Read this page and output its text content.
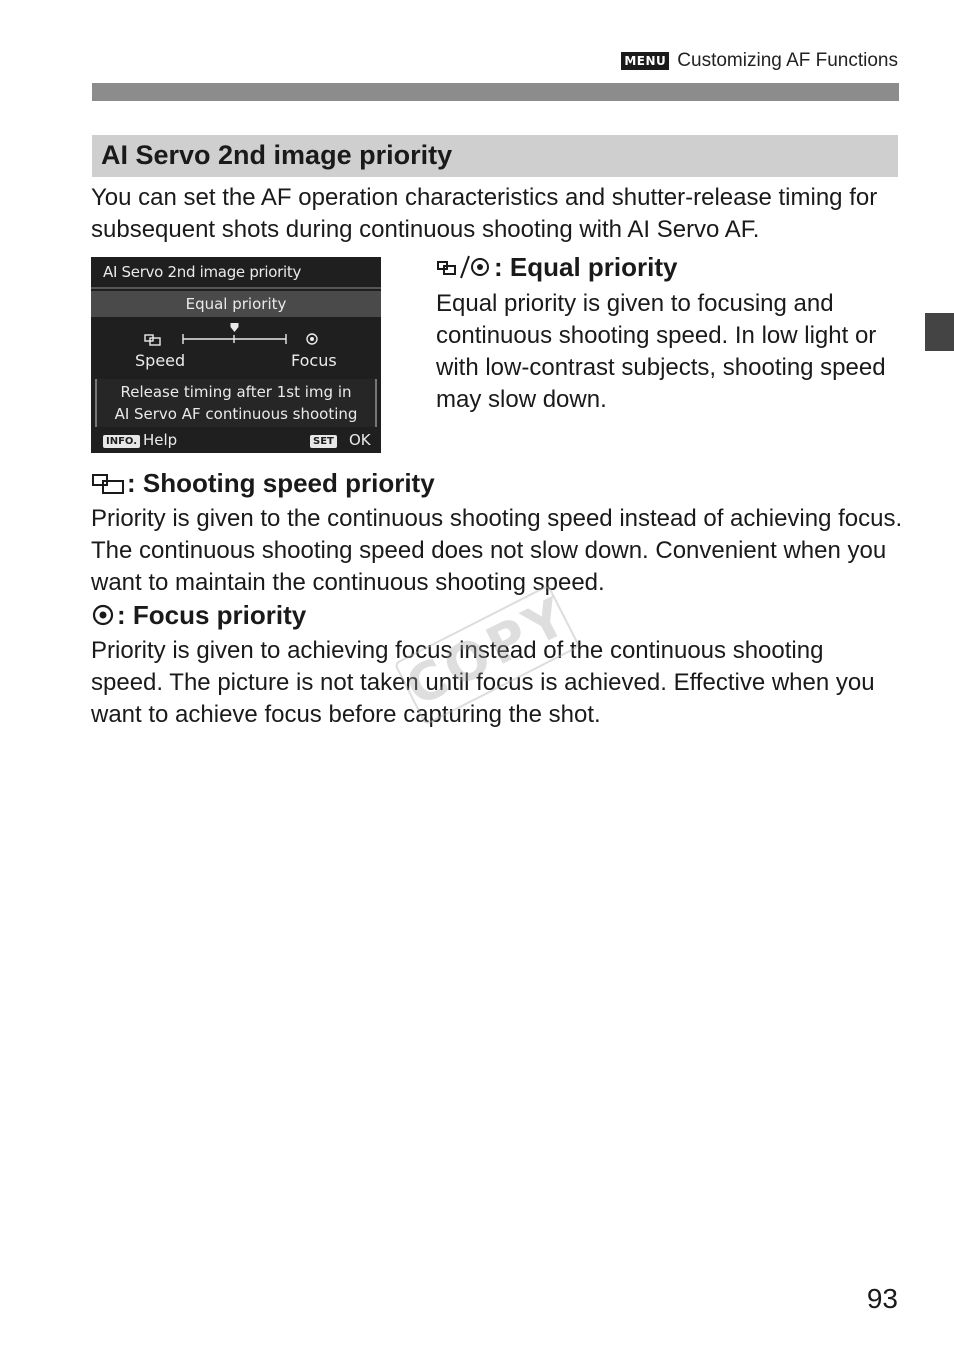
MENU Customizing AF Functions
AI Servo 2nd image priority
You can set the AF operation characteristics and shutter-release timing for subsequent shots during continuous shooting with AI Servo AF.
AI Servo 2nd image priority
Equal priority
Speed	Focus
Release timing after 1st img in
AI Servo AF continuous shooting
INFO. Help	SET OK
: Equal priority
Equal priority is given to focusing and continuous shooting speed. In low light or with low-contrast subjects, shooting speed may slow down.
: Shooting speed priority
Priority is given to the continuous shooting speed instead of achieving focus. The continuous shooting speed does not slow down. Convenient when you want to maintain the continuous shooting speed.
: Focus priority
Priority is given to achieving focus instead of the continuous shooting speed. The picture is not taken until focus is achieved. Effective when you want to achieve focus before capturing the shot.
COPY
93
